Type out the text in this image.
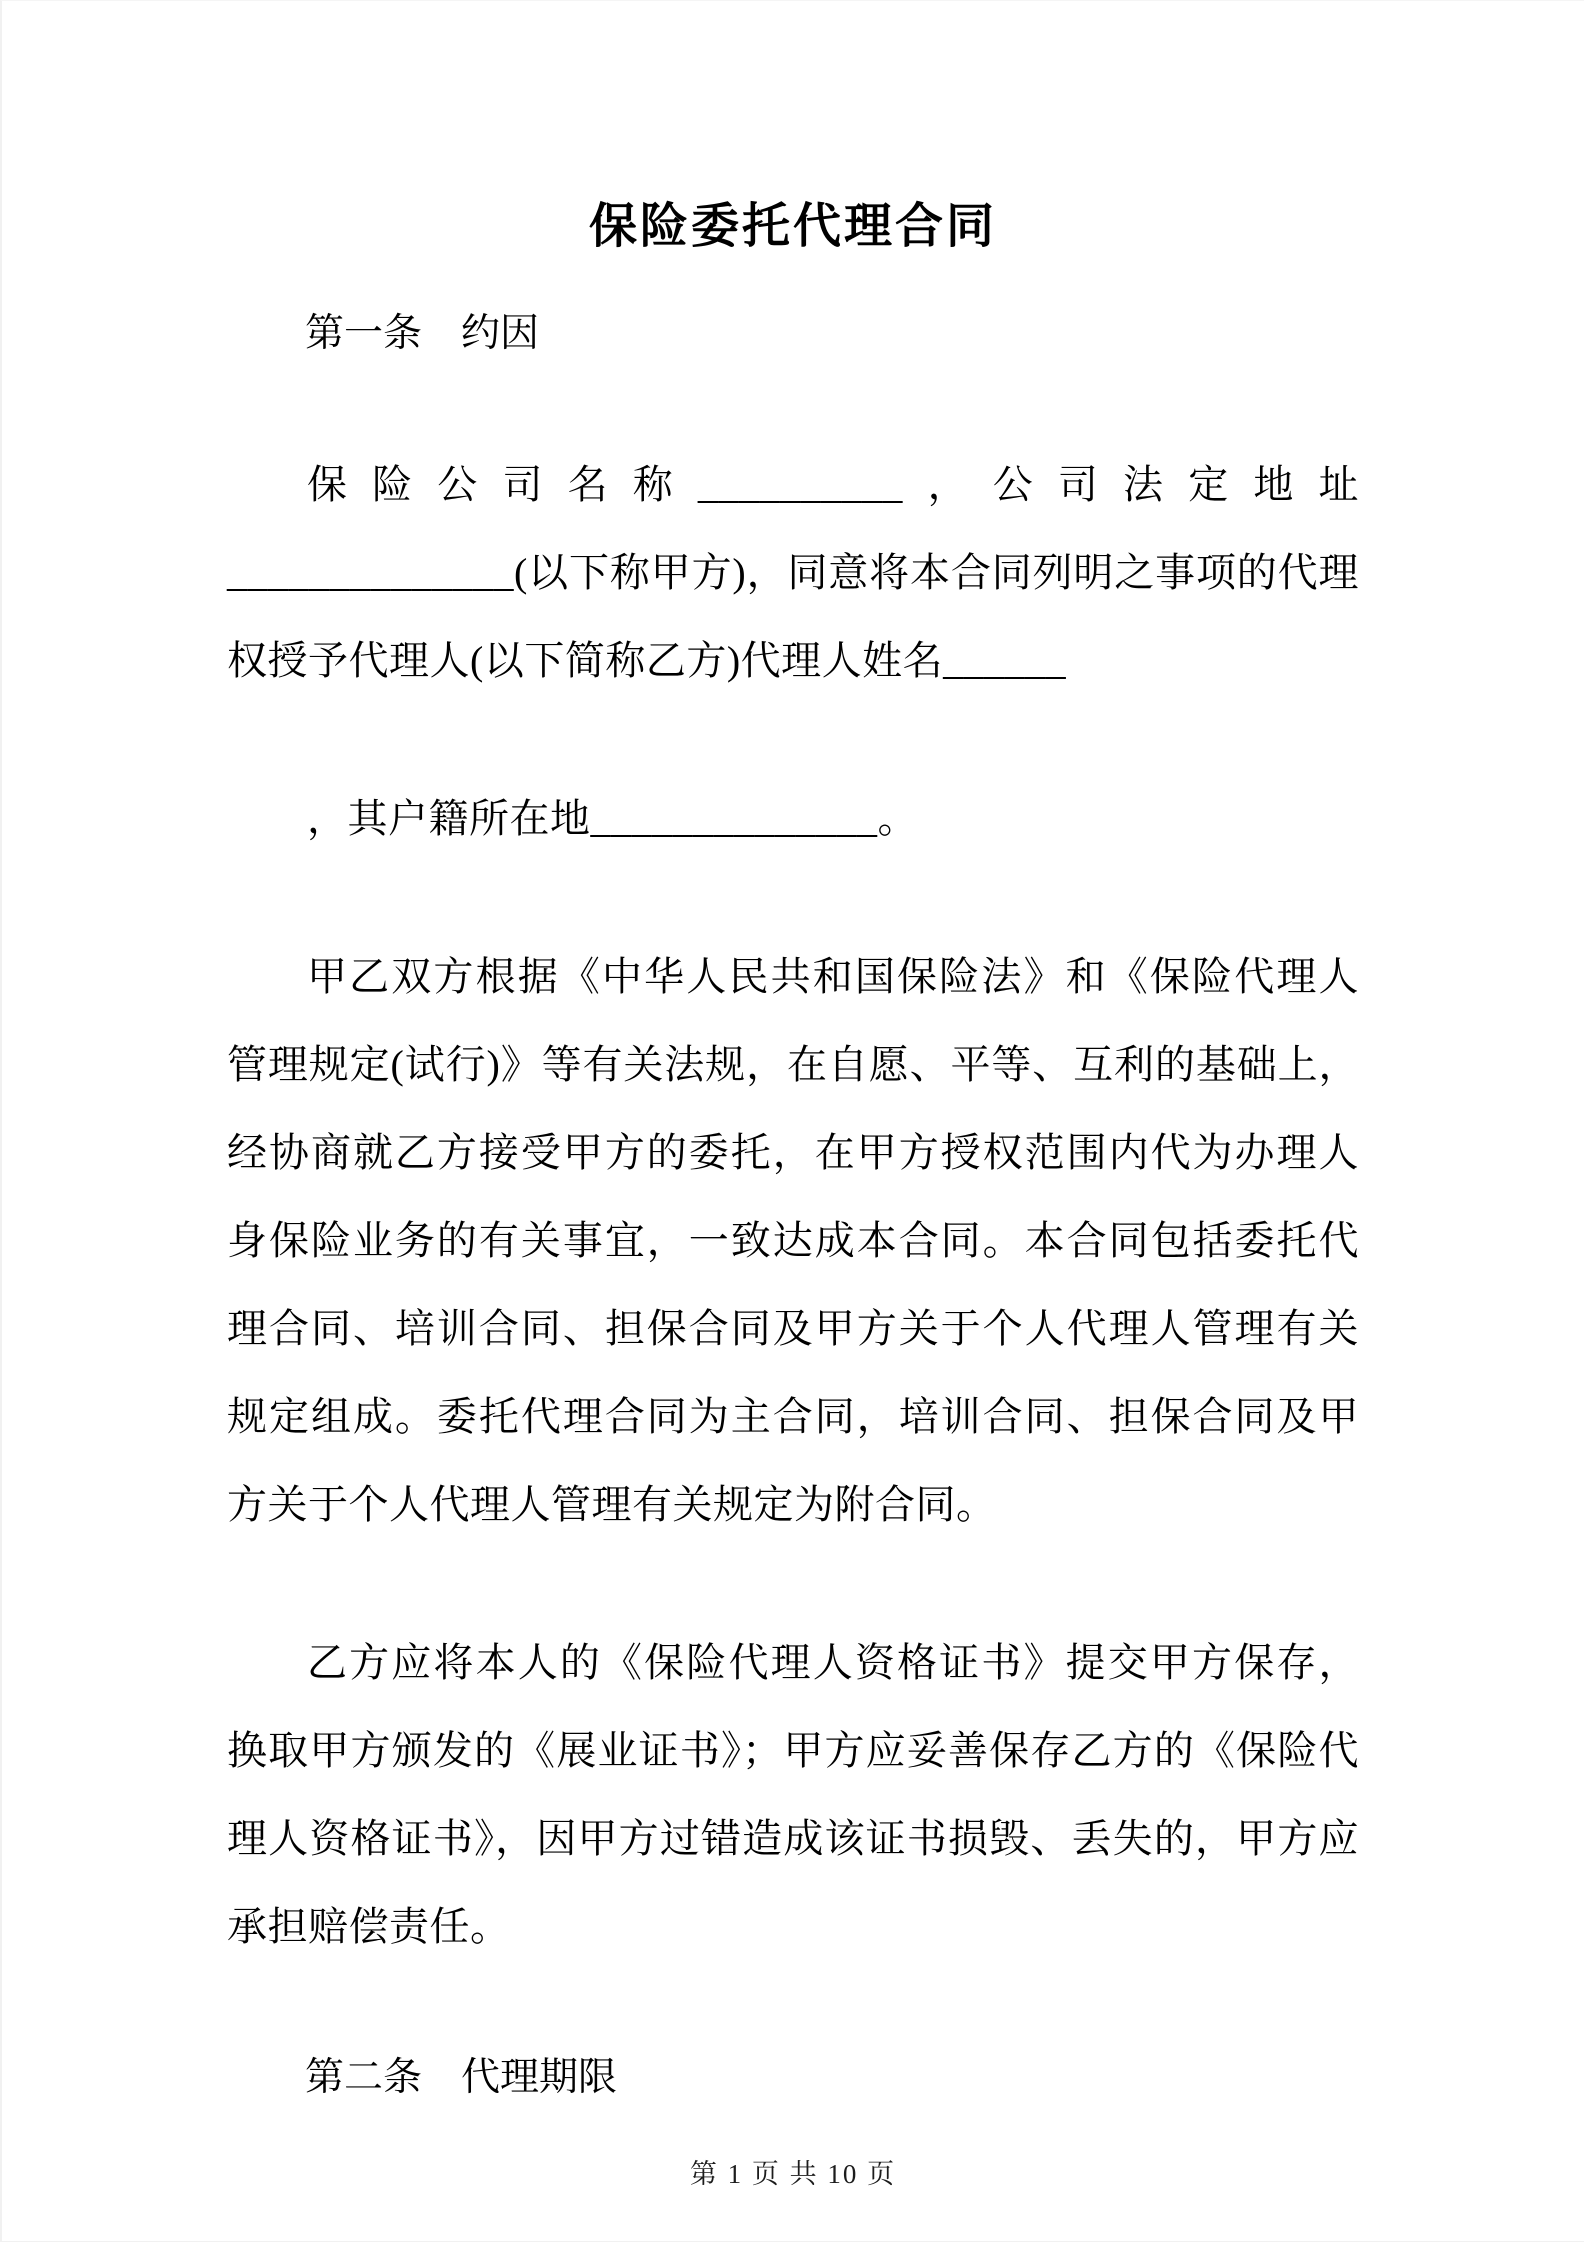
保险委托代理合同
第一条　约因
保险公司名称__________，公司法定地址______________(以下称甲方)，同意将本合同列明之事项的代理权授予代理人(以下简称乙方)代理人姓名______
，其户籍所在地______________。
甲乙双方根据《中华人民共和国保险法》和《保险代理人管理规定(试行)》等有关法规，在自愿、平等、互利的基础上，经协商就乙方接受甲方的委托，在甲方授权范围内代为办理人身保险业务的有关事宜，一致达成本合同。本合同包括委托代理合同、培训合同、担保合同及甲方关于个人代理人管理有关规定组成。委托代理合同为主合同，培训合同、担保合同及甲方关于个人代理人管理有关规定为附合同。
乙方应将本人的《保险代理人资格证书》提交甲方保存，换取甲方颁发的《展业证书》；甲方应妥善保存乙方的《保险代理人资格证书》，因甲方过错造成该证书损毁、丢失的，甲方应承担赔偿责任。
第二条　代理期限
第 1 页 共 10 页
